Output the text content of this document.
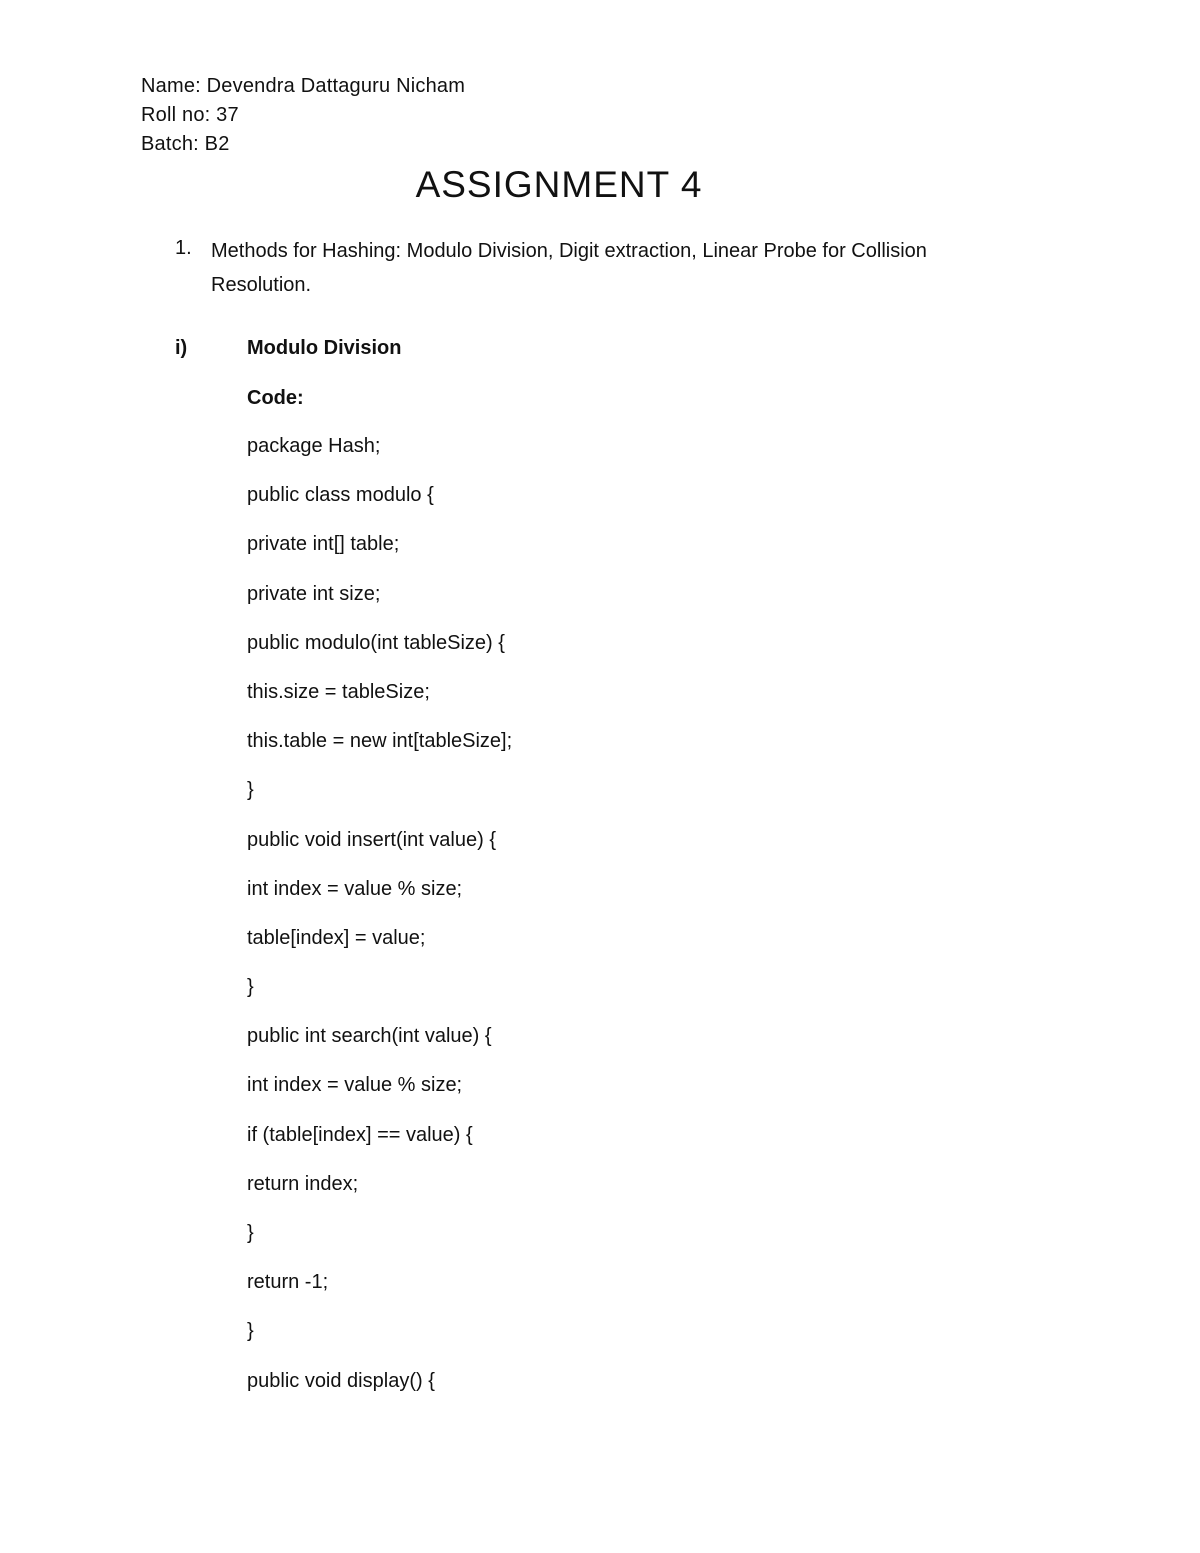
Name: Devendra Dattaguru Nicham
Roll no: 37
Batch: B2
ASSIGNMENT 4
1. Methods for Hashing: Modulo Division, Digit extraction, Linear Probe for Collision Resolution.
i)	Modulo Division
Code:
package Hash;
public class modulo {
private int[] table;
private int size;
public modulo(int tableSize) {
this.size = tableSize;
this.table = new int[tableSize];
}
public void insert(int value) {
int index = value % size;
table[index] = value;
}
public int search(int value) {
int index = value % size;
if (table[index] == value) {
return index;
}
return -1;
}
public void display() {
